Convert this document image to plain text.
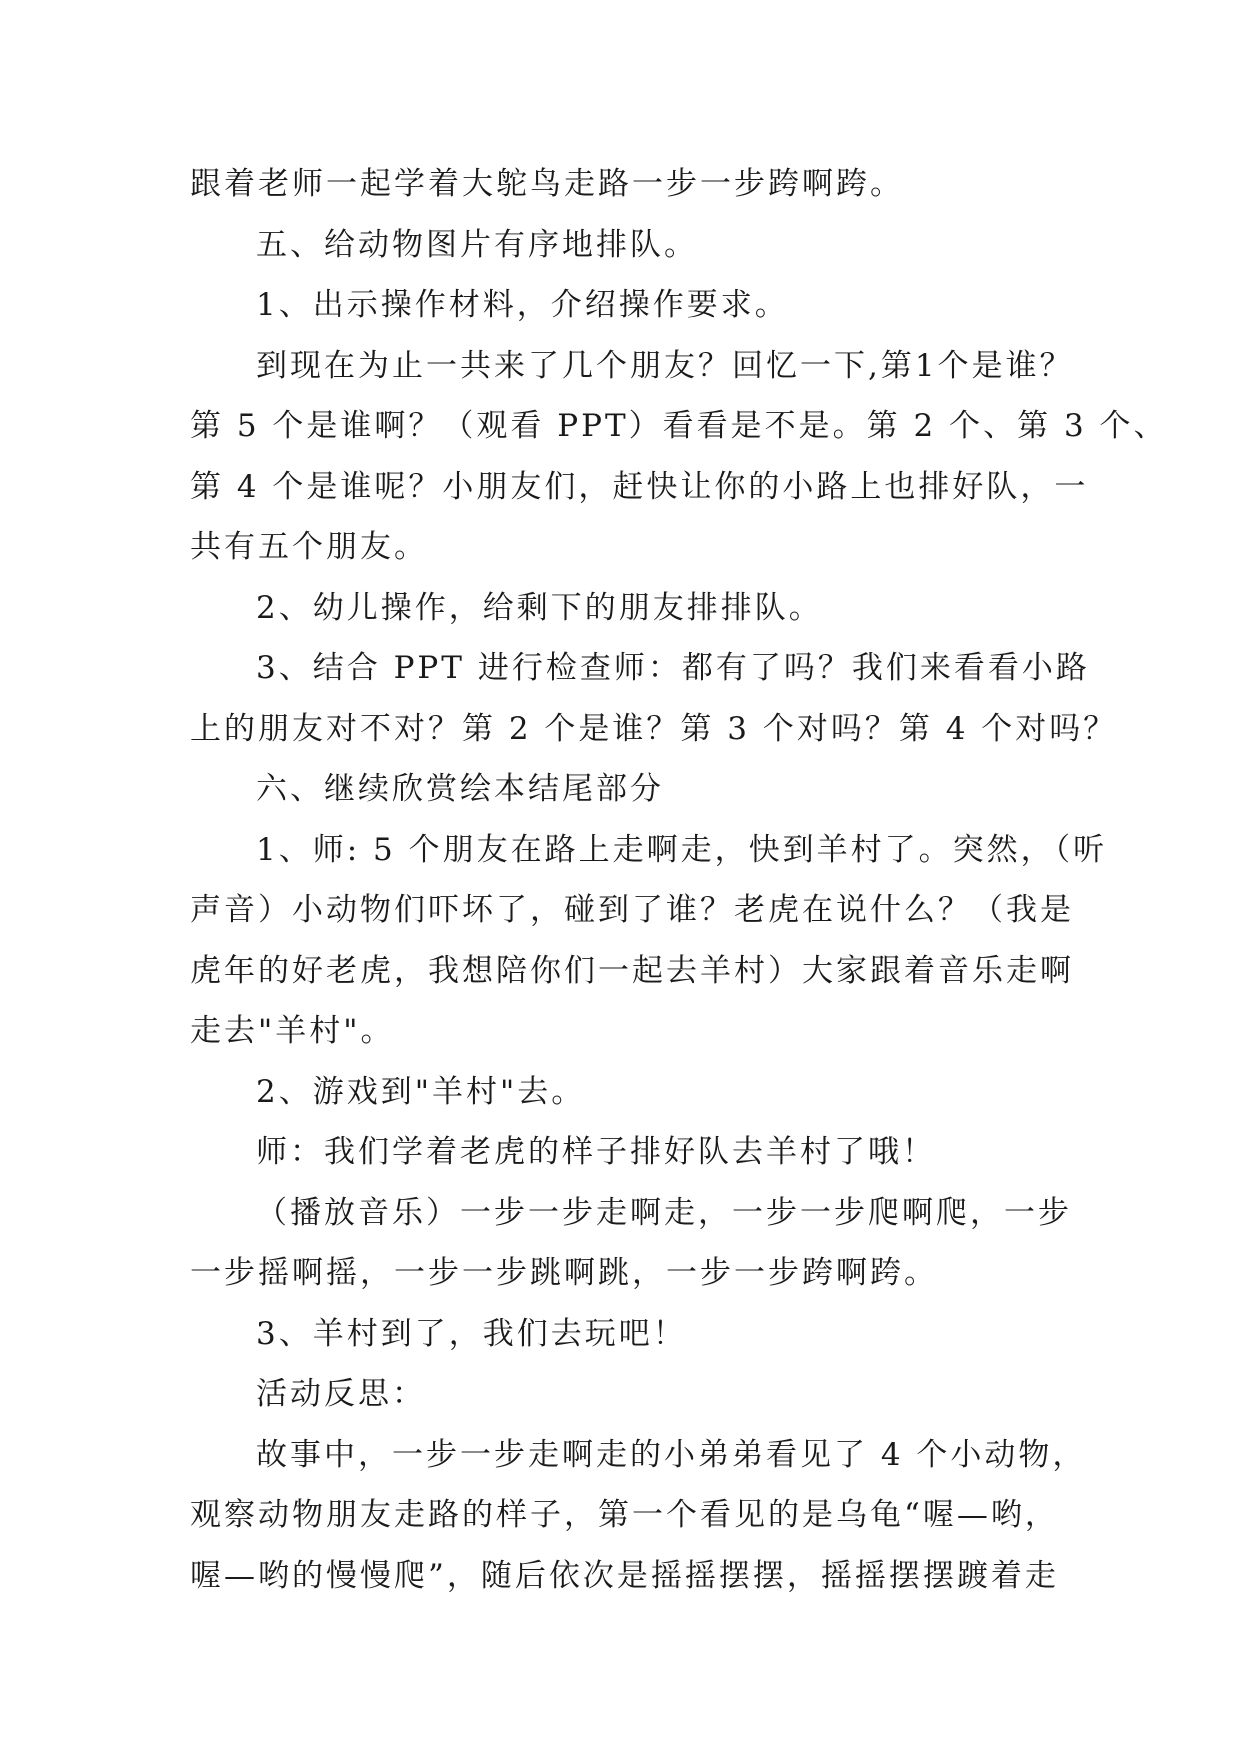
跟着老师一起学着大鸵鸟走路一步一步跨啊跨。
五、给动物图片有序地排队。
1、出示操作材料，介绍操作要求。
到现在为止一共来了几个朋友？回忆一下,第1个是谁？
第 5 个是谁啊？（观看 PPT）看看是不是。第 2 个、第 3 个、
第 4 个是谁呢？小朋友们，赶快让你的小路上也排好队，一
共有五个朋友。
2、幼儿操作，给剩下的朋友排排队。
3、结合 PPT 进行检查师：都有了吗？我们来看看小路
上的朋友对不对？第 2 个是谁？第 3 个对吗？第 4 个对吗？
六、继续欣赏绘本结尾部分
1、师: 5 个朋友在路上走啊走，快到羊村了。突然，（听
声音）小动物们吓坏了，碰到了谁？老虎在说什么？（我是
虎年的好老虎，我想陪你们一起去羊村）大家跟着音乐走啊
走去"羊村"。
2、游戏到"羊村"去。
师：我们学着老虎的样子排好队去羊村了哦！
（播放音乐）一步一步走啊走，一步一步爬啊爬，一步
一步摇啊摇，一步一步跳啊跳，一步一步跨啊跨。
3、羊村到了，我们去玩吧！
活动反思：
故事中，一步一步走啊走的小弟弟看见了 4 个小动物，
观察动物朋友走路的样子，第一个看见的是乌龟“喔—哟，
喔—哟的慢慢爬”，随后依次是摇摇摆摆，摇摇摆摆踱着走
